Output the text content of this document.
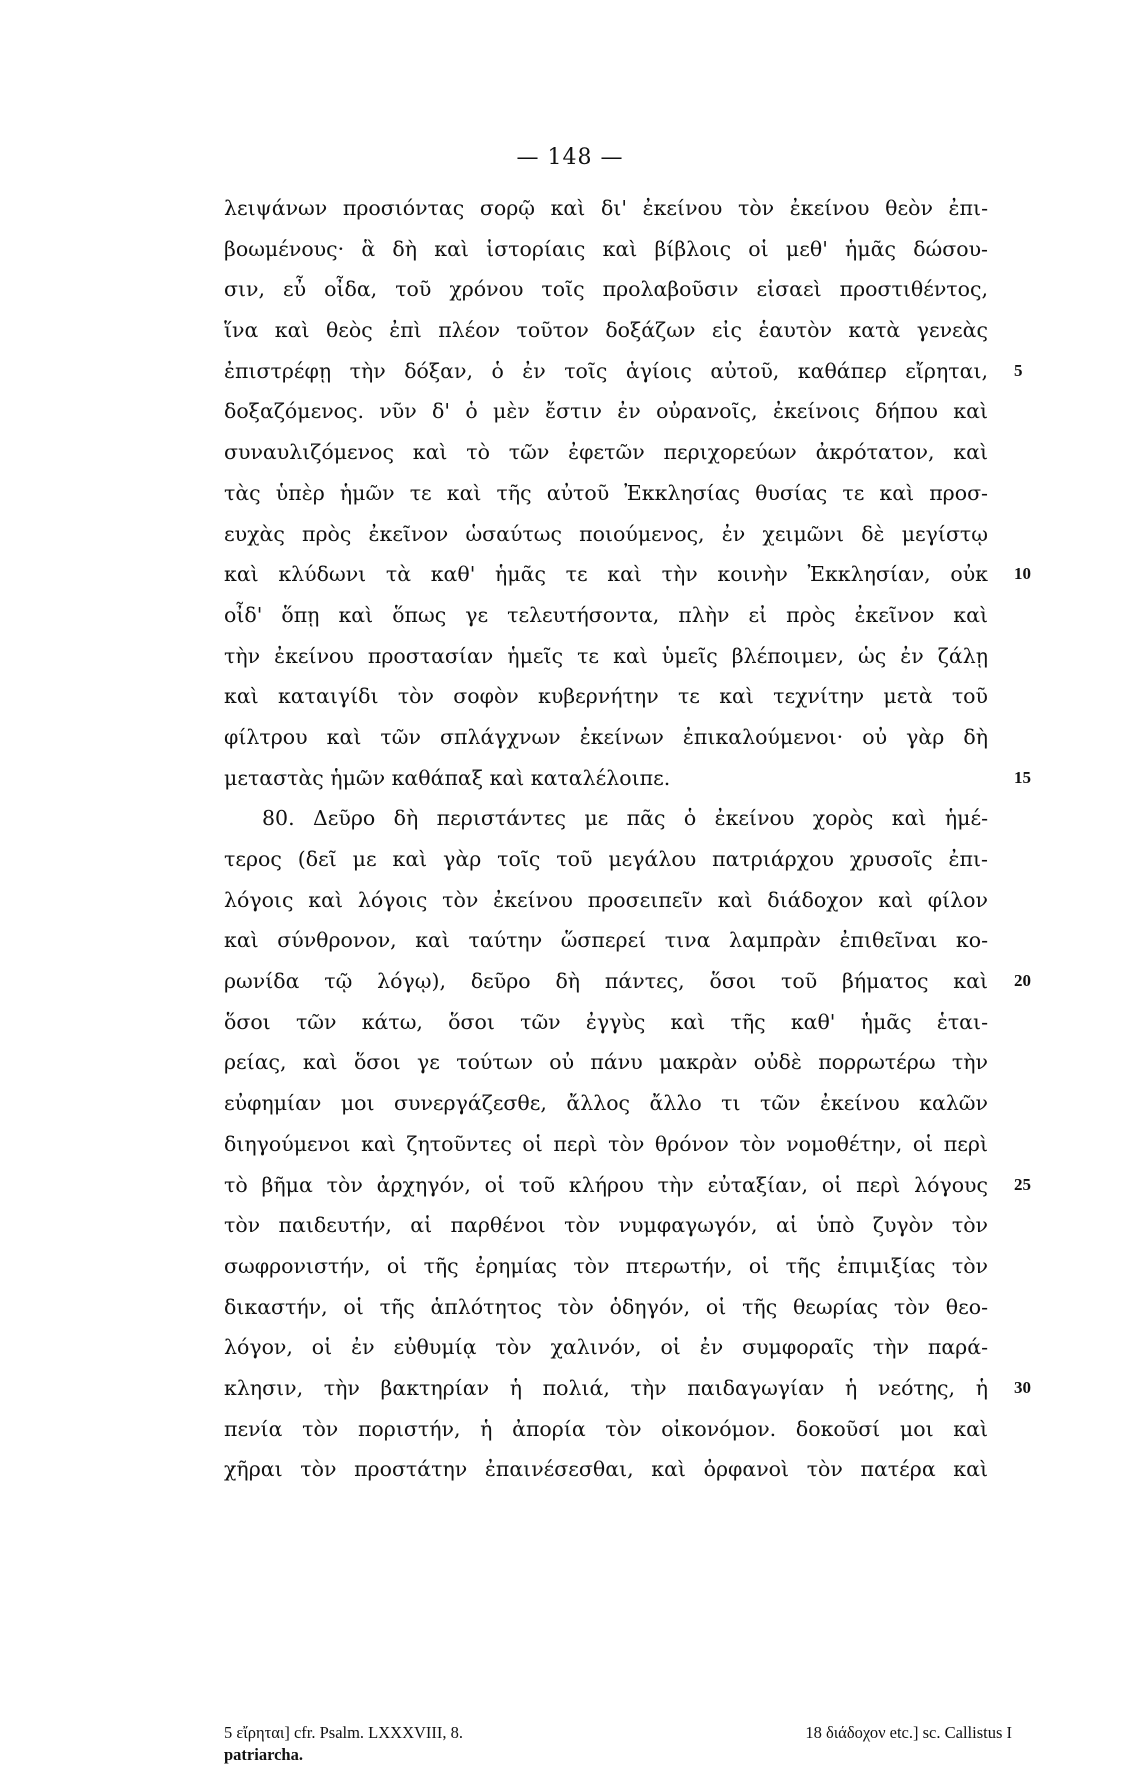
— 148 —
λειψάνων προσιόντας σορῷ καὶ δι' ἐκείνου τὸν ἐκείνου θεὸν ἐπι-
βοωμένους· ἃ δὴ καὶ ἱστορίαις καὶ βίβλοις οἱ μεθ' ἡμᾶς δώσου-
σιν, εὖ οἶδα, τοῦ χρόνου τοῖς προλαβοῦσιν εἰσαεὶ προστιθέντος,
ἵνα καὶ θεὸς ἐπὶ πλέον τοῦτον δοξάζων εἰς ἑαυτὸν κατὰ γενεὰς
ἐπιστρέφῃ τὴν δόξαν, ὁ ἐν τοῖς ἁγίοις αὐτοῦ, καθάπερ εἴρηται, 5
δοξαζόμενος. νῦν δ' ὁ μὲν ἔστιν ἐν οὐρανοῖς, ἐκείνοις δήπου καὶ
συναυλιζόμενος καὶ τὸ τῶν ἐφετῶν περιχορεύων ἀκρότατον, καὶ
τὰς ὑπὲρ ἡμῶν τε καὶ τῆς αὐτοῦ Ἐκκλησίας θυσίας τε καὶ προσ-
ευχὰς πρὸς ἐκεῖνον ὡσαύτως ποιούμενος, ἐν χειμῶνι δὲ μεγίστῳ
καὶ κλύδωνι τὰ καθ' ἡμᾶς τε καὶ τὴν κοινὴν Ἐκκλησίαν, οὐκ 10
οἶδ' ὅπῃ καὶ ὅπως γε τελευτήσοντα, πλὴν εἰ πρὸς ἐκεῖνον καὶ
τὴν ἐκείνου προστασίαν ἡμεῖς τε καὶ ὑμεῖς βλέποιμεν, ὡς ἐν ζάλῃ
καὶ καταιγίδι τὸν σοφὸν κυβερνήτην τε καὶ τεχνίτην μετὰ τοῦ
φίλτρου καὶ τῶν σπλάγχνων ἐκείνων ἐπικαλούμενοι· οὐ γὰρ δὴ
μεταστὰς ἡμῶν καθάπαξ καὶ καταλέλοιπε.	15
80. Δεῦρο δὴ περιστάντες με πᾶς ὁ ἐκείνου χορὸς καὶ ἡμέ-
τερος (δεῖ με καὶ γὰρ τοῖς τοῦ μεγάλου πατριάρχου χρυσοῖς ἐπι-
λόγοις καὶ λόγοις τὸν ἐκείνου προσειπεῖν καὶ διάδοχον καὶ φίλον
καὶ σύνθρονον, καὶ ταύτην ὥσπερεί τινα λαμπρὰν ἐπιθεῖναι κο-
ρωνίδα τῷ λόγῳ), δεῦρο δὴ πάντες, ὅσοι τοῦ βήματος καὶ 20
ὅσοι τῶν κάτω, ὅσοι τῶν ἐγγὺς καὶ τῆς καθ' ἡμᾶς ἑται-
ρείας, καὶ ὅσοι γε τούτων οὐ πάνυ μακρὰν οὐδὲ πορρωτέρω τὴν
εὐφημίαν μοι συνεργάζεσθε, ἄλλος ἄλλο τι τῶν ἐκείνου καλῶν
διηγούμενοι καὶ ζητοῦντες οἱ περὶ τὸν θρόνον τὸν νομοθέτην, οἱ περὶ
τὸ βῆμα τὸν ἀρχηγόν, οἱ τοῦ κλήρου τὴν εὐταξίαν, οἱ περὶ λόγους 25
τὸν παιδευτήν, αἱ παρθένοι τὸν νυμφαγωγόν, αἱ ὑπὸ ζυγὸν τὸν
σωφρονιστήν, οἱ τῆς ἐρημίας τὸν πτερωτήν, οἱ τῆς ἐπιμιξίας τὸν
δικαστήν, οἱ τῆς ἁπλότητος τὸν ὁδηγόν, οἱ τῆς θεωρίας τὸν θεο-
λόγον, οἱ ἐν εὐθυμίᾳ τὸν χαλινόν, οἱ ἐν συμφοραῖς τὴν παρά-
κλησιν, τὴν βακτηρίαν ἡ πολιά, τὴν παιδαγωγίαν ἡ νεότης, ἡ 30
πενία τὸν ποριστήν, ἡ ἀπορία τὸν οἰκονόμον. δοκοῦσί μοι καὶ
χῆραι τὸν προστάτην ἐπαινέσεσθαι, καὶ ὀρφανοὶ τὸν πατέρα καὶ
5 εἴρηται] cfr. Psalm. LXXXVIII, 8.	18 διάδοχον etc.] sc. Callistus I
patriarcha.
